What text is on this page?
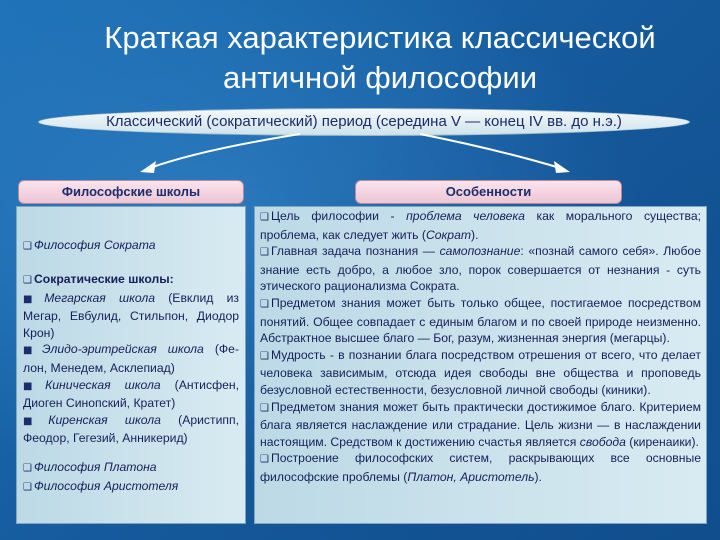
Краткая характеристика классической
античной философии
Классический (сократический) период (середина V — конец IV вв. до н.э.)
Философские школы	Особенности

❑ Философия Сократа

❑ Сократические школы:
■ Мегарская школа (Евклид из Мегар, Евбулид, Стильпон, Диодор Крон)
■ Элидо-эритрейская школа (Фе-лон, Менедем, Асклепиад)
■ Киническая школа (Антисфен, Диоген Синопский, Кратет)
■ Киренская школа (Аристипп, Феодор, Гегезий, Анникерид)

❑ Философия Платона
❑ Философия Аристотеля

❑ Цель философии - проблема человека как морального существа; проблема, как следует жить (Сократ).

❑ Главная задача познания — самопознание: «познай самого себя». Любое знание есть добро, а любое зло, порок совершается от незнания - суть этического рационализма Сократа.

❑ Предметом знания может быть только общее, постигаемое посредством понятий. Общее совпадает с единым благом и по своей природе неизменно. Абстрактное высшее благо — Бог, разум, жизненная энергия (мегарцы).

❑ Мудрость - в познании блага посредством отрешения от всего, что делает человека зависимым, отсюда идея свободы вне общества и проповедь безусловной естественности, безусловной личной свободы (киники).

❑ Предметом знания может быть практически достижимое благо. Критерием блага является наслаждение или страдание. Цель жизни — в наслаждении настоящим. Средством к достижению счастья является свобода (киренаики).

❑ Построение философских систем, раскрывающих все основные философские проблемы (Платон, Аристотель).
